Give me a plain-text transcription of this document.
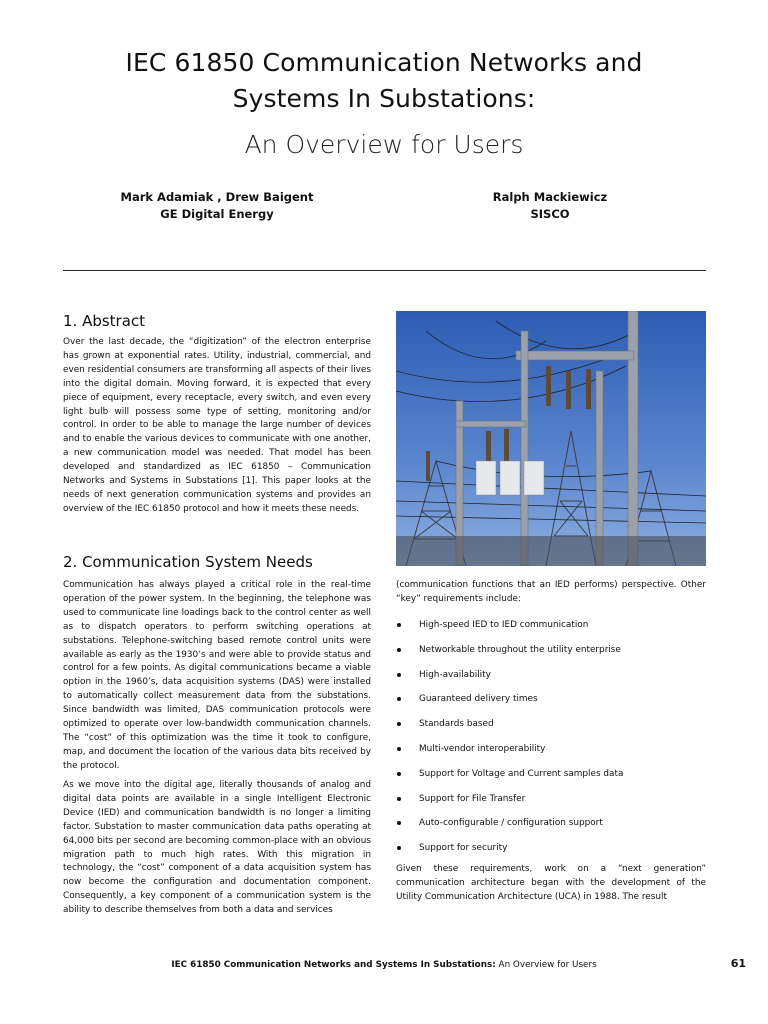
IEC 61850 Communication Networks and
Systems In Substations:
An Overview for Users
Mark Adamiak , Drew Baigent
GE Digital Energy
Ralph Mackiewicz
SISCO
1. Abstract

Over the last decade, the “digitization” of the electron enterprise has grown at exponential rates. Utility, industrial, commercial, and even residential consumers are transforming all aspects of their lives into the digital domain. Moving forward, it is expected that every piece of equipment, every receptacle, every switch, and even every light bulb will possess some type of setting, monitoring and/or control. In order to be able to manage the large number of devices and to enable the various devices to communicate with one another, a new communication model was needed. That model has been developed and standardized as IEC 61850 – Communication Networks and Systems in Substations [1]. This paper looks at the needs of next generation communication systems and provides an overview of the IEC 61850 protocol and how it meets these needs.

2. Communication System Needs

Communication has always played a critical role in the real-time operation of the power system. In the beginning, the telephone was used to communicate line loadings back to the control center as well as to dispatch operators to perform switching operations at substations. Telephone-switching based remote control units were available as early as the 1930’s and were able to provide status and control for a few points. As digital communications became a viable option in the 1960’s, data acquisition systems (DAS) were installed to automatically collect measurement data from the substations. Since bandwidth was limited, DAS communication protocols were optimized to operate over low-bandwidth communication channels. The “cost” of this optimization was the time it took to configure, map, and document the location of the various data bits received by the protocol.

As we move into the digital age, literally thousands of analog and digital data points are available in a single Intelligent Electronic Device (IED) and communication bandwidth is no longer a limiting factor. Substation to master communication data paths operating at 64,000 bits per second are becoming common-place with an obvious migration path to much high rates. With this migration in technology, the “cost” component of a data acquisition system has now become the configuration and documentation component. Consequently, a key component of a communication system is the ability to describe themselves from both a data and services

(communication functions that an IED performs) perspective. Other “key” requirements include:

High-speed IED to IED communication
Networkable throughout the utility enterprise
High-availability
Guaranteed delivery times
Standards based
Multi-vendor interoperability
Support for Voltage and Current samples data
Support for File Transfer
Auto-configurable / configuration support
Support for security

Given these requirements, work on a “next generation” communication architecture began with the development of the Utility Communication Architecture (UCA) in 1988. The result

IEC 61850 Communication Networks and Systems In Substations: An Overview for Users	61
